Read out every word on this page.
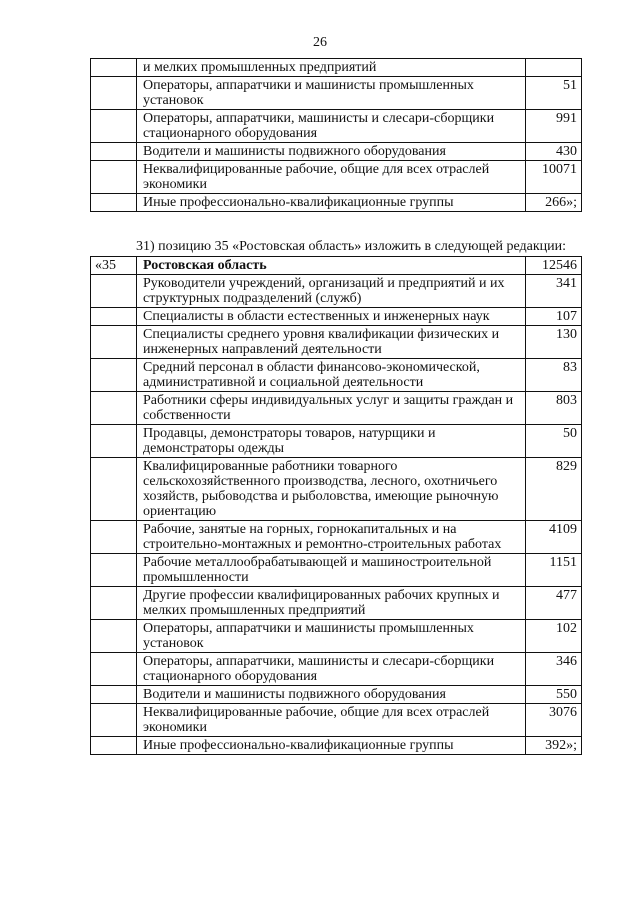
26
	и мелких промышленных предприятий	
	Операторы, аппаратчики и машинисты промышленных установок	51
	Операторы, аппаратчики, машинисты и слесари-сборщики стационарного оборудования	991
	Водители и машинисты подвижного оборудования	430
	Неквалифицированные рабочие, общие для всех отраслей экономики	10071
	Иные профессионально-квалификационные группы	266»;
31) позицию 35 «Ростовская область» изложить в следующей редакции:
«35	Ростовская область	12546
	Руководители учреждений, организаций и предприятий и их структурных подразделений (служб)	341
	Специалисты в области естественных и инженерных наук	107
	Специалисты среднего уровня квалификации физических и инженерных направлений деятельности	130
	Средний персонал в области финансово-экономической, административной и социальной деятельности	83
	Работники сферы индивидуальных услуг и защиты граждан и собственности	803
	Продавцы, демонстраторы товаров, натурщики и демонстраторы одежды	50
	Квалифицированные работники товарного сельскохозяйственного производства, лесного, охотничьего хозяйств, рыбоводства и рыболовства, имеющие рыночную ориентацию	829
	Рабочие, занятые на горных, горнокапитальных и на строительно-монтажных и ремонтно-строительных работах	4109
	Рабочие металлообрабатывающей и машиностроительной промышленности	1151
	Другие профессии квалифицированных рабочих крупных и мелких промышленных предприятий	477
	Операторы, аппаратчики и машинисты промышленных установок	102
	Операторы, аппаратчики, машинисты и слесари-сборщики стационарного оборудования	346
	Водители и машинисты подвижного оборудования	550
	Неквалифицированные рабочие, общие для всех отраслей экономики	3076
	Иные профессионально-квалификационные группы	392»;
